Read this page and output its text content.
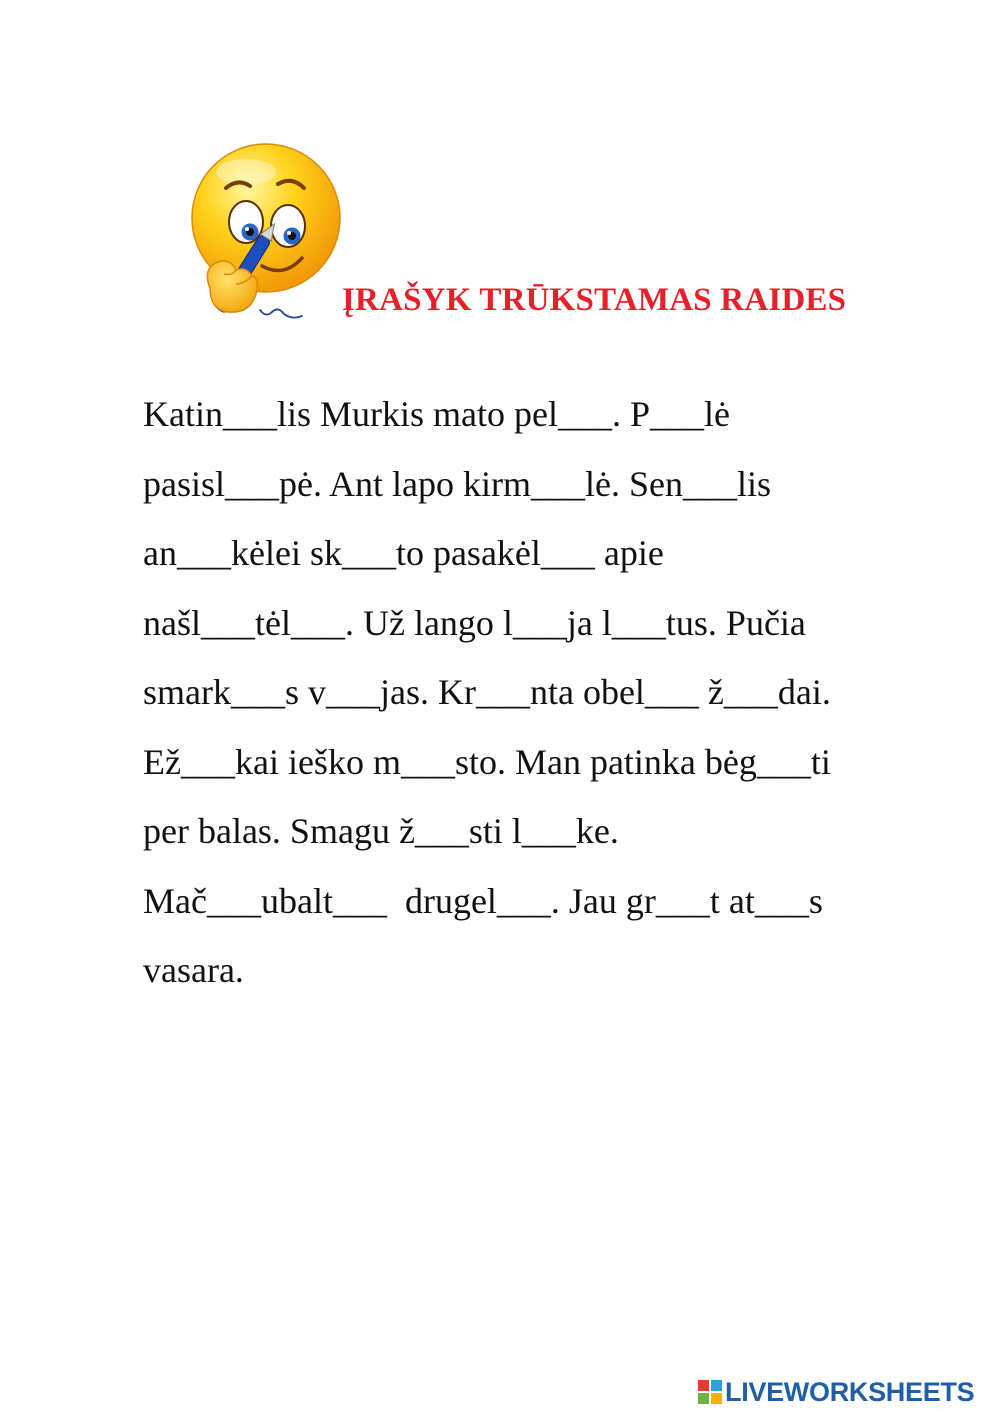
ĮRAŠYK TRŪKSTAMAS RAIDES
Katin___lis Murkis mato pel___. P___lė
pasisl___pė. Ant lapo kirm___lė. Sen___lis
an___kėlei sk___to pasakėl___ apie
našl___tėl___. Už lango l___ja l___tus. Pučia
smark___s v___jas. Kr___nta obel___ ž___dai.
Ež___kai ieško m___sto. Man patinka bėg___ti
per balas. Smagu ž___sti l___ke.
Mač___ubalt___  drugel___. Jau gr___t at___s
vasara.
LIVEWORKSHEETS
